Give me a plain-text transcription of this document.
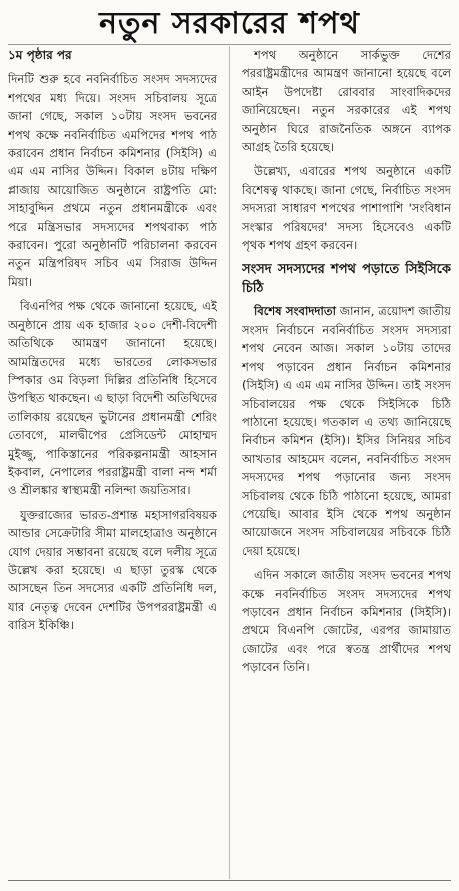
নতুন সরকারের শপথ

১ম পৃষ্ঠার পর

দিনটি শুরু হবে নবনির্বাচিত সংসদ সদস্যদের শপথের মধ্য দিয়ে। সংসদ সচিবালয় সূত্রে জানা গেছে, সকাল ১০টায় সংসদ ভবনের শপথ কক্ষে নবনির্বাচিত এমপিদের শপথ পাঠ করাবেন প্রধান নির্বাচন কমিশনার (সিইসি) এ এম এম নাসির উদ্দিন। বিকাল ৪টায় দক্ষিণ প্লাজায় আয়োজিত অনুষ্ঠানে রাষ্ট্রপতি মো: সাহাবুদ্দিন প্রথমে নতুন প্রধানমন্ত্রীকে এবং পরে মন্ত্রিসভার সদস্যদের শপথবাক্য পাঠ করাবেন। পুরো অনুষ্ঠানটি পরিচালনা করবেন নতুন মন্ত্রিপরিষদ সচিব এম সিরাজ উদ্দিন মিয়া।

বিএনপির পক্ষ থেকে জানানো হয়েছে, এই অনুষ্ঠানে প্রায় এক হাজার ২০০ দেশী-বিদেশী অতিথিকে আমন্ত্রণ জানানো হয়েছে। আমন্ত্রিতদের মধ্যে ভারতের লোকসভার স্পিকার ওম বিড়লা দিল্লির প্রতিনিধি হিসেবে উপস্থিত থাকছেন। এ ছাড়া বিদেশী অতিথিদের তালিকায় রয়েছেন ভুটানের প্রধানমন্ত্রী শেরিং তোবগে, মালদ্বীপের প্রেসিডেন্ট মোহাম্মদ মুইজ্জু, পাকিস্তানের পরিকল্পনামন্ত্রী আহসান ইকবাল, নেপালের পররাষ্ট্রমন্ত্রী বালা নন্দ শর্মা ও শ্রীলঙ্কার স্বাস্থ্যমন্ত্রী নলিন্দা জয়তিসার।

যুক্তরাজ্যের ভারত-প্রশান্ত মহাসাগরবিষয়ক আন্ডার সেক্রেটারি সীমা মালহোত্রাও অনুষ্ঠানে যোগ দেয়ার সম্ভাবনা রয়েছে বলে দলীয় সূত্রে উল্লেখ করা হয়েছে। এ ছাড়া তুরস্ক থেকে আসছেন তিন সদস্যের একটি প্রতিনিধি দল, যার নেতৃত্ব দেবেন দেশটির উপপররাষ্ট্রমন্ত্রী এ বারিস ইকিঞ্চি।

শপথ অনুষ্ঠানে সার্কভুক্ত দেশের পররাষ্ট্রমন্ত্রীদের আমন্ত্রণ জানানো হয়েছে বলে আইন উপদেষ্টা রোববার সাংবাদিকদের জানিয়েছেন। নতুন সরকারের এই শপথ অনুষ্ঠান ঘিরে রাজনৈতিক অঙ্গনে ব্যাপক আগ্রহ তৈরি হয়েছে।

উল্লেখ্য, এবারের শপথ অনুষ্ঠানে একটি বিশেষত্ব থাকছে। জানা গেছে, নির্বাচিত সংসদ সদস্যরা সাধারণ শপথের পাশাপাশি 'সংবিধান সংস্কার পরিষদের' সদস্য হিসেবেও একটি পৃথক শপথ গ্রহণ করবেন।

সংসদ সদস্যদের শপথ পড়াতে সিইসিকে চিঠি

বিশেষ সংবাদদাতা জানান, ত্রয়োদশ জাতীয় সংসদ নির্বাচনে নবনির্বাচিত সংসদ সদস্যরা শপথ নেবেন আজ। সকাল ১০টায় তাদের শপথ পড়াবেন প্রধান নির্বাচন কমিশনার (সিইসি) এ এম এম নাসির উদ্দিন। তাই সংসদ সচিবালয়ের পক্ষ থেকে সিইসিকে চিঠি পাঠানো হয়েছে। গতকাল এ তথ্য জানিয়েছে নির্বাচন কমিশন (ইসি)। ইসির সিনিয়র সচিব আখতার আহমেদ বলেন, নবনির্বাচিত সংসদ সদস্যদের শপথ পড়ানোর জন্য সংসদ সচিবালয় থেকে চিঠি পাঠানো হয়েছে, আমরা পেয়েছি। আবার ইসি থেকে শপথ অনুষ্ঠান আয়োজনে সংসদ সচিবালয়ের সচিবকে চিঠি দেয়া হয়েছে।

এদিন সকালে জাতীয় সংসদ ভবনের শপথ কক্ষে নবনির্বাচিত সংসদ সদস্যদের শপথ পড়াবেন প্রধান নির্বাচন কমিশনার (সিইসি)। প্রথমে বিএনপি জোটের, এরপর জামায়াত জোটের এবং পরে স্বতন্ত্র প্রার্থীদের শপথ পড়াবেন তিনি।
